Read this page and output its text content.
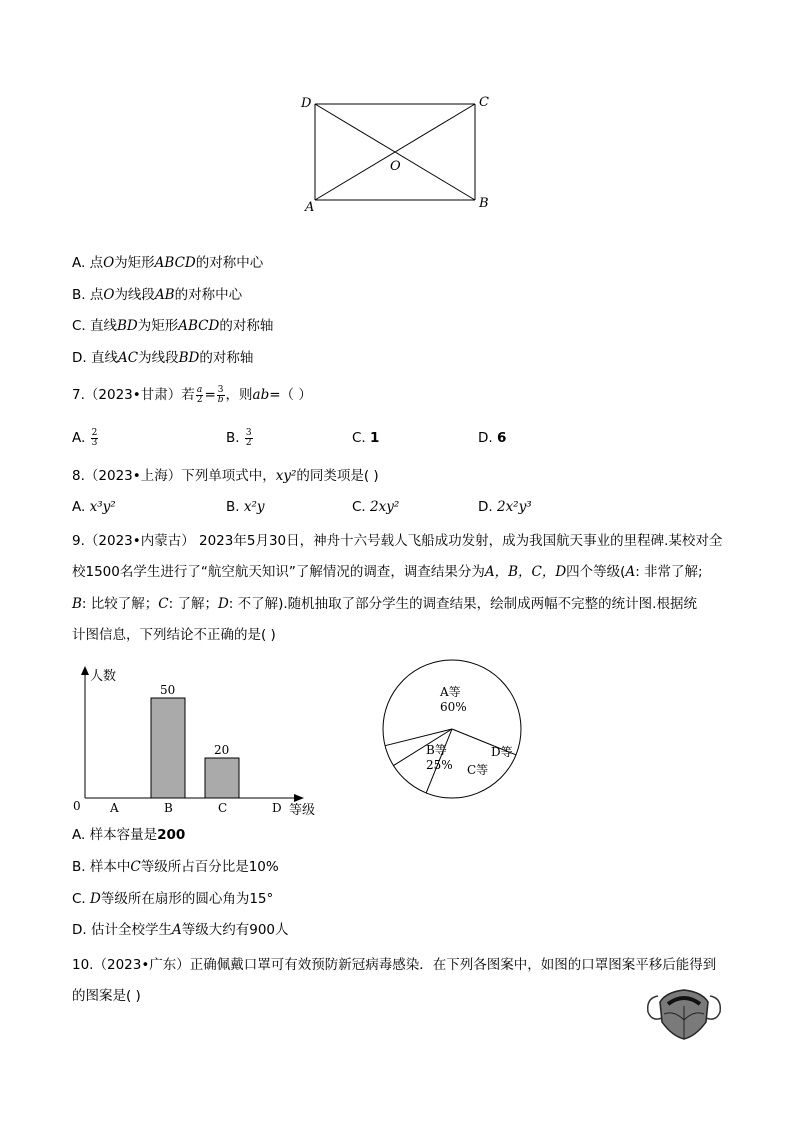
D	C
O
A	B
A. 点O为矩形ABCD的对称中心
B. 点O为线段AB的对称中心
C. 直线BD为矩形ABCD的对称轴
D. 直线AC为线段BD的对称轴
7.（2023•甘肃）若 $\frac{a}{2} = \frac{3}{b}$ ，则ab=（ ）
A. $\frac{2}{3}$	B. $\frac{3}{2}$	C. 1	D. 6
8.（2023•上海）下列单项式中，xy²的同类项是( )
A. x³y²	B. x²y	C. 2xy²	D. 2x²y³
9.（2023•内蒙古） 2023年5月30日，神舟十六号载人飞船成功发射，成为我国航天事业的里程碑.某校对全
校1500名学生进行了“航空航天知识”了解情况的调查，调查结果分为A，B，C，D四个等级(A: 非常了解;
B: 比较了解；C: 了解；D: 不了解).随机抽取了部分学生的调查结果，绘制成两幅不完整的统计图.根据统
计图信息，下列结论不正确的是( )
人数
等级
0 A	B
50
C
20
D
A等
60%
B等
25% C等
D等
A. 样本容量是200
B. 样本中C等级所占百分比是10%
C. D等级所在扇形的圆心角为15°
D. 估计全校学生A等级大约有900人
10.（2023•广东）正确佩戴口罩可有效预防新冠病毒感染．在下列各图案中，如图的口罩图案平移后能得到
的图案是( )
